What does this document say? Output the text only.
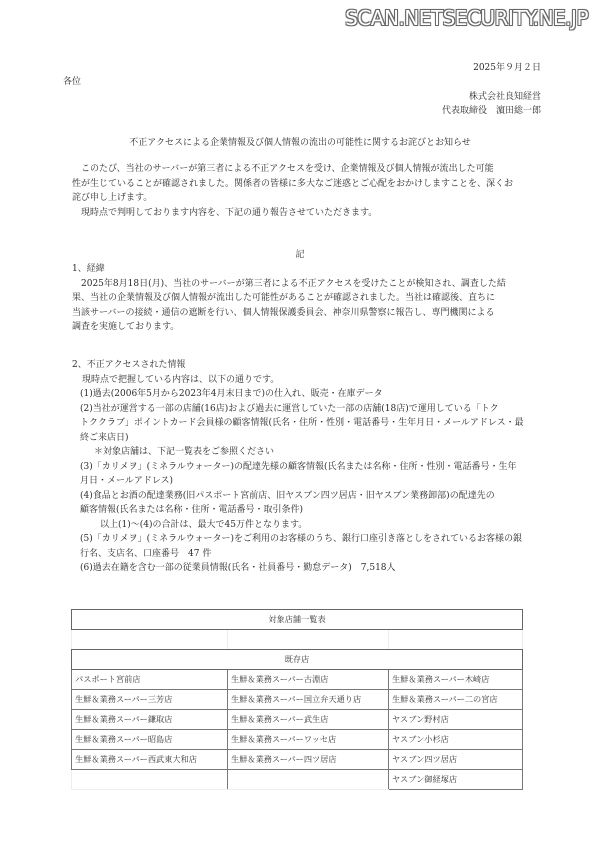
SCAN.NETSECURITY.NE.JP
2025年９月２日
各位
株式会社良知経営
代表取締役　濵田総一郎
不正アクセスによる企業情報及び個人情報の流出の可能性に関するお詫びとお知らせ

このたび、当社のサーバーが第三者による不正アクセスを受け、企業情報及び個人情報が流出した可能

性が生じていることが確認されました。関係者の皆様に多大なご迷惑とご心配をおかけしますことを、深くお

詫び申し上げます。

現時点で判明しております内容を、下記の通り報告させていただきます。

記

1、経緯

2025年8月18日(月)、当社のサーバーが第三者による不正アクセスを受けたことが検知され、調査した結

果、当社の企業情報及び個人情報が流出した可能性があることが確認されました。当社は確認後、直ちに

当該サーバーの接続・通信の遮断を行い、個人情報保護委員会、神奈川県警察に報告し、専門機関による

調査を実施しております。

2、不正アクセスされた情報

現時点で把握している内容は、以下の通りです。

(1)過去(2006年5月から2023年4月末日まで)の仕入れ、販売・在庫データ

(2)当社が運営する一部の店舗(16店)および過去に運営していた一部の店舗(18店)で運用している「トク

トククラブ」ポイントカード会員様の顧客情報(氏名・住所・性別・電話番号・生年月日・メールアドレス・最

終ご来店日)

＊対象店舗は、下記一覧表をご参照ください

(3)「カリメヲ」(ミネラルウォーター)の配達先様の顧客情報(氏名または名称・住所・性別・電話番号・生年

月日・メールアドレス)

(4)食品とお酒の配達業務(旧パスポート宮前店、旧ヤスブン四ツ居店・旧ヤスブン業務卸部)の配達先の

顧客情報(氏名または名称・住所・電話番号・取引条件)

以上(1)～(4)の合計は、最大で45万件となります。

(5)「カリメヲ」(ミネラルウォーター)をご利用のお客様のうち、銀行口座引き落としをされているお客様の銀

行名、支店名、口座番号　47 件

(6)過去在籍を含む一部の従業員情報(氏名・社員番号・勤怠データ)　7,518人

対象店舗一覧表		

既存店		
パスポート宮前店	生鮮＆業務スーパー古淵店	生鮮＆業務スーパー木崎店
生鮮＆業務スーパー三芳店	生鮮＆業務スーパー国立弁天通り店	生鮮＆業務スーパー二の宮店
生鮮＆業務スーパー鎌取店	生鮮＆業務スーパー武生店	ヤスブン野村店
生鮮＆業務スーパー昭島店	生鮮＆業務スーパーワッセ店	ヤスブン小杉店
生鮮＆業務スーパー西武東大和店	生鮮＆業務スーパー四ツ居店	ヤスブン四ツ居店
		ヤスブン御経塚店
